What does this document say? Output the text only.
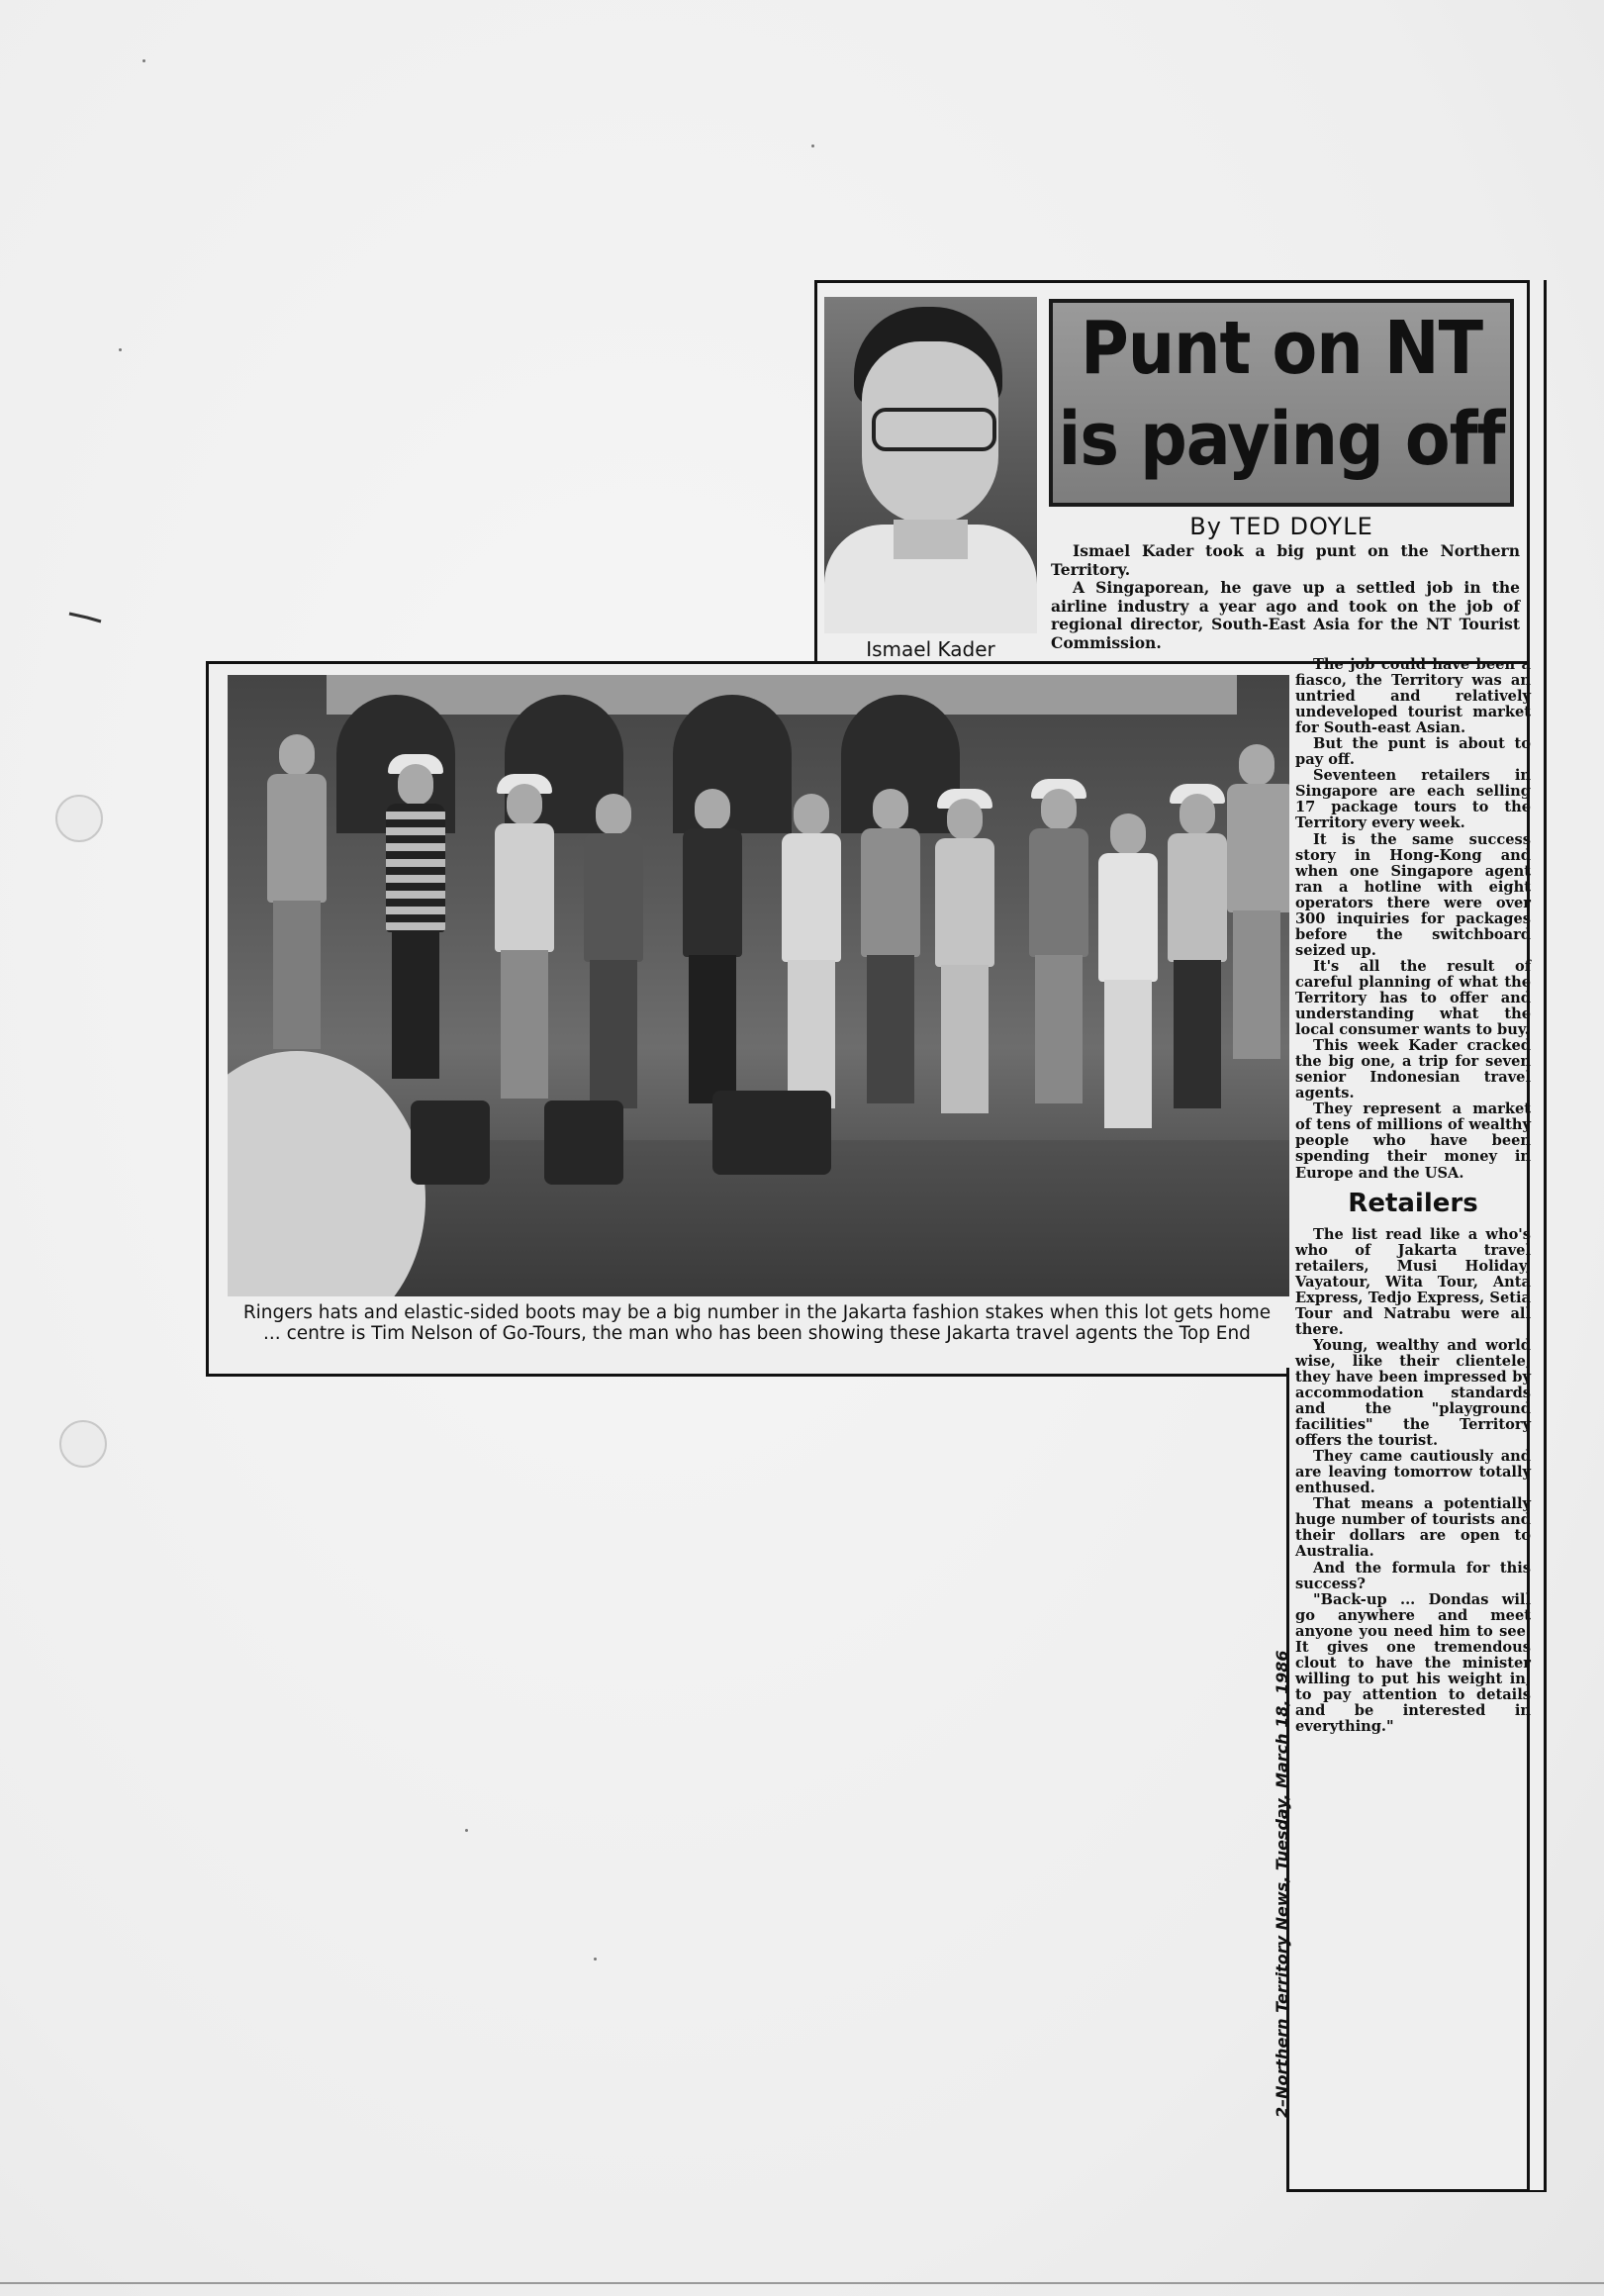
Ismael Kader
Punt on NT
is paying off
By TED DOYLE

Ismael Kader took a big punt on the Northern Territory.

A Singaporean, he gave up a settled job in the airline industry a year ago and took on the job of regional director, South-East Asia for the NT Tourist Commission.

Ringers hats and elastic-sided boots may be a big number in the Jakarta fashion stakes when this lot gets home ... centre is Tim Nelson of Go-Tours, the man who has been showing these Jakarta travel agents the Top End

The job could have been a fiasco, the Territory was an untried and relatively undeveloped tourist market for South-east Asian.

But the punt is about to pay off.

Seventeen retailers in Singapore are each selling 17 package tours to the Territory every week.

It is the same success story in Hong-Kong and when one Singapore agent ran a hotline with eight operators there were over 300 inquiries for packages before the switchboard seized up.

It's all the result of careful planning of what the Territory has to offer and understanding what the local consumer wants to buy.

This week Kader cracked the big one, a trip for seven senior Indonesian travel agents.

They represent a market of tens of millions of wealthy people who have been spending their money in Europe and the USA.

Retailers

The list read like a who's who of Jakarta travel retailers, Musi Holiday, Vayatour, Wita Tour, Anta Express, Tedjo Express, Setia Tour and Natrabu were all there.

Young, wealthy and world wise, like their clientele, they have been impressed by accommodation standards and the "playground facilities" the Territory offers the tourist.

They came cautiously and are leaving tomorrow totally enthused.

That means a potentially huge number of tourists and their dollars are open to Australia.

And the formula for this success?

"Back-up ... Dondas will go anywhere and meet anyone you need him to see. It gives one tremendous clout to have the minister willing to put his weight in, to pay attention to details and be interested in everything."

2–Northern Territory News, Tuesday, March 18, 1986
